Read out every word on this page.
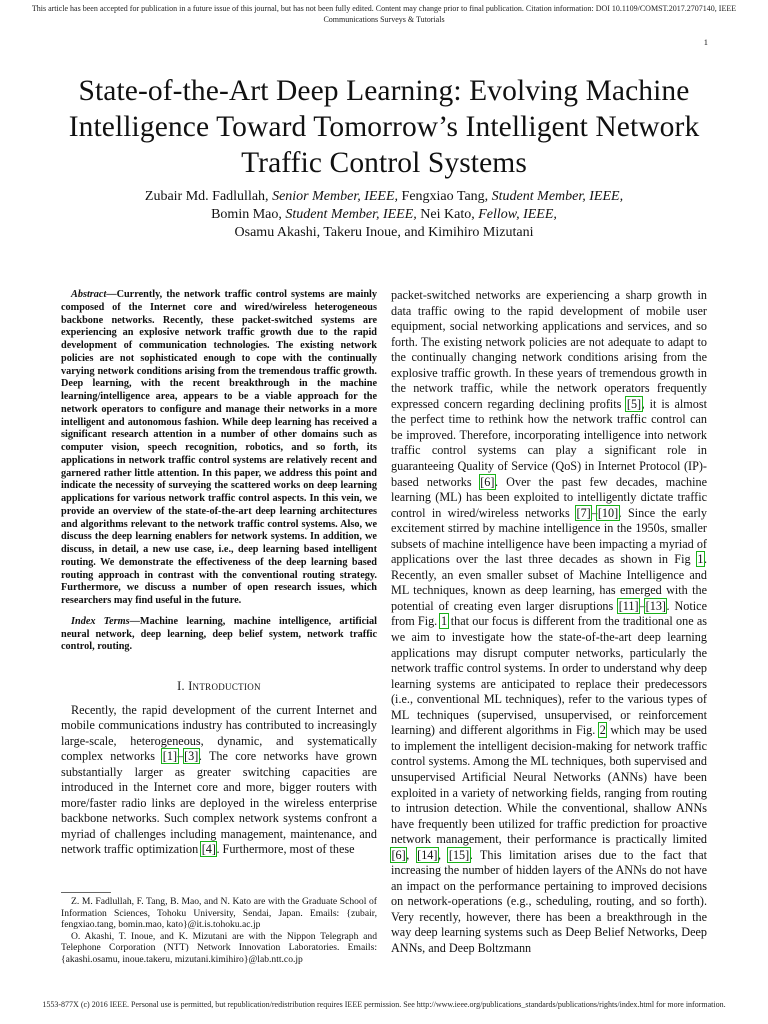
This article has been accepted for publication in a future issue of this journal, but has not been fully edited. Content may change prior to final publication. Citation information: DOI 10.1109/COMST.2017.2707140, IEEE
Communications Surveys & Tutorials
1
State-of-the-Art Deep Learning: Evolving Machine
Intelligence Toward Tomorrow’s Intelligent Network
Traffic Control Systems
Zubair Md. Fadlullah, Senior Member, IEEE, Fengxiao Tang, Student Member, IEEE,
Bomin Mao, Student Member, IEEE, Nei Kato, Fellow, IEEE,
Osamu Akashi, Takeru Inoue, and Kimihiro Mizutani

Abstract—Currently, the network traffic control systems are mainly composed of the Internet core and wired/wireless heterogeneous backbone networks. Recently, these packet-switched systems are experiencing an explosive network traffic growth due to the rapid development of communication technologies. The existing network policies are not sophisticated enough to cope with the continually varying network conditions arising from the tremendous traffic growth. Deep learning, with the recent breakthrough in the machine learning/intelligence area, appears to be a viable approach for the network operators to configure and manage their networks in a more intelligent and autonomous fashion. While deep learning has received a significant research attention in a number of other domains such as computer vision, speech recognition, robotics, and so forth, its applications in network traffic control systems are relatively recent and garnered rather little attention. In this paper, we address this point and indicate the necessity of surveying the scattered works on deep learning applications for various network traffic control aspects. In this vein, we provide an overview of the state-of-the-art deep learning architectures and algorithms relevant to the network traffic control systems. Also, we discuss the deep learning enablers for network systems. In addition, we discuss, in detail, a new use case, i.e., deep learning based intelligent routing. We demonstrate the effectiveness of the deep learning based routing approach in contrast with the conventional routing strategy. Furthermore, we discuss a number of open research issues, which researchers may find useful in the future.

Index Terms—Machine learning, machine intelligence, artificial neural network, deep learning, deep belief system, network traffic control, routing.

I. Introduction

Recently, the rapid development of the current Internet and mobile communications industry has contributed to increasingly large-scale, heterogeneous, dynamic, and systematically complex networks [1]–[3]. The core networks have grown substantially larger as greater switching capacities are introduced in the Internet core and more, bigger routers with more/faster radio links are deployed in the wireless enterprise backbone networks. Such complex network systems confront a myriad of challenges including management, maintenance, and network traffic optimization [4]. Furthermore, most of these

Z. M. Fadlullah, F. Tang, B. Mao, and N. Kato are with the Graduate School of Information Sciences, Tohoku University, Sendai, Japan. Emails: {zubair, fengxiao.tang, bomin.mao, kato}@it.is.tohoku.ac.jp

O. Akashi, T. Inoue, and K. Mizutani are with the Nippon Telegraph and Telephone Corporation (NTT) Network Innovation Laboratories. Emails: {akashi.osamu, inoue.takeru, mizutani.kimihiro}@lab.ntt.co.jp

packet-switched networks are experiencing a sharp growth in data traffic owing to the rapid development of mobile user equipment, social networking applications and services, and so forth. The existing network policies are not adequate to adapt to the continually changing network conditions arising from the explosive traffic growth. In these years of tremendous growth in the network traffic, while the network operators frequently expressed concern regarding declining profits [5], it is almost the perfect time to rethink how the network traffic control can be improved. Therefore, incorporating intelligence into network traffic control systems can play a significant role in guaranteeing Quality of Service (QoS) in Internet Protocol (IP)-based networks [6]. Over the past few decades, machine learning (ML) has been exploited to intelligently dictate traffic control in wired/wireless networks [7]–[10]. Since the early excitement stirred by machine intelligence in the 1950s, smaller subsets of machine intelligence have been impacting a myriad of applications over the last three decades as shown in Fig 1. Recently, an even smaller subset of Machine Intelligence and ML techniques, known as deep learning, has emerged with the potential of creating even larger disruptions [11]–[13]. Notice from Fig. 1 that our focus is different from the traditional one as we aim to investigate how the state-of-the-art deep learning applications may disrupt computer networks, particularly the network traffic control systems. In order to understand why deep learning systems are anticipated to replace their predecessors (i.e., conventional ML techniques), refer to the various types of ML techniques (supervised, unsupervised, or reinforcement learning) and different algorithms in Fig. 2 which may be used to implement the intelligent decision-making for network traffic control systems. Among the ML techniques, both supervised and unsupervised Artificial Neural Networks (ANNs) have been exploited in a variety of networking fields, ranging from routing to intrusion detection. While the conventional, shallow ANNs have frequently been utilized for traffic prediction for proactive network management, their performance is practically limited [6], [14], [15]. This limitation arises due to the fact that increasing the number of hidden layers of the ANNs do not have an impact on the performance pertaining to improved decisions on network-operations (e.g., scheduling, routing, and so forth). Very recently, however, there has been a breakthrough in the way deep learning systems such as Deep Belief Networks, Deep ANNs, and Deep Boltzmann

1553-877X (c) 2016 IEEE. Personal use is permitted, but republication/redistribution requires IEEE permission. See http://www.ieee.org/publications_standards/publications/rights/index.html for more information.
